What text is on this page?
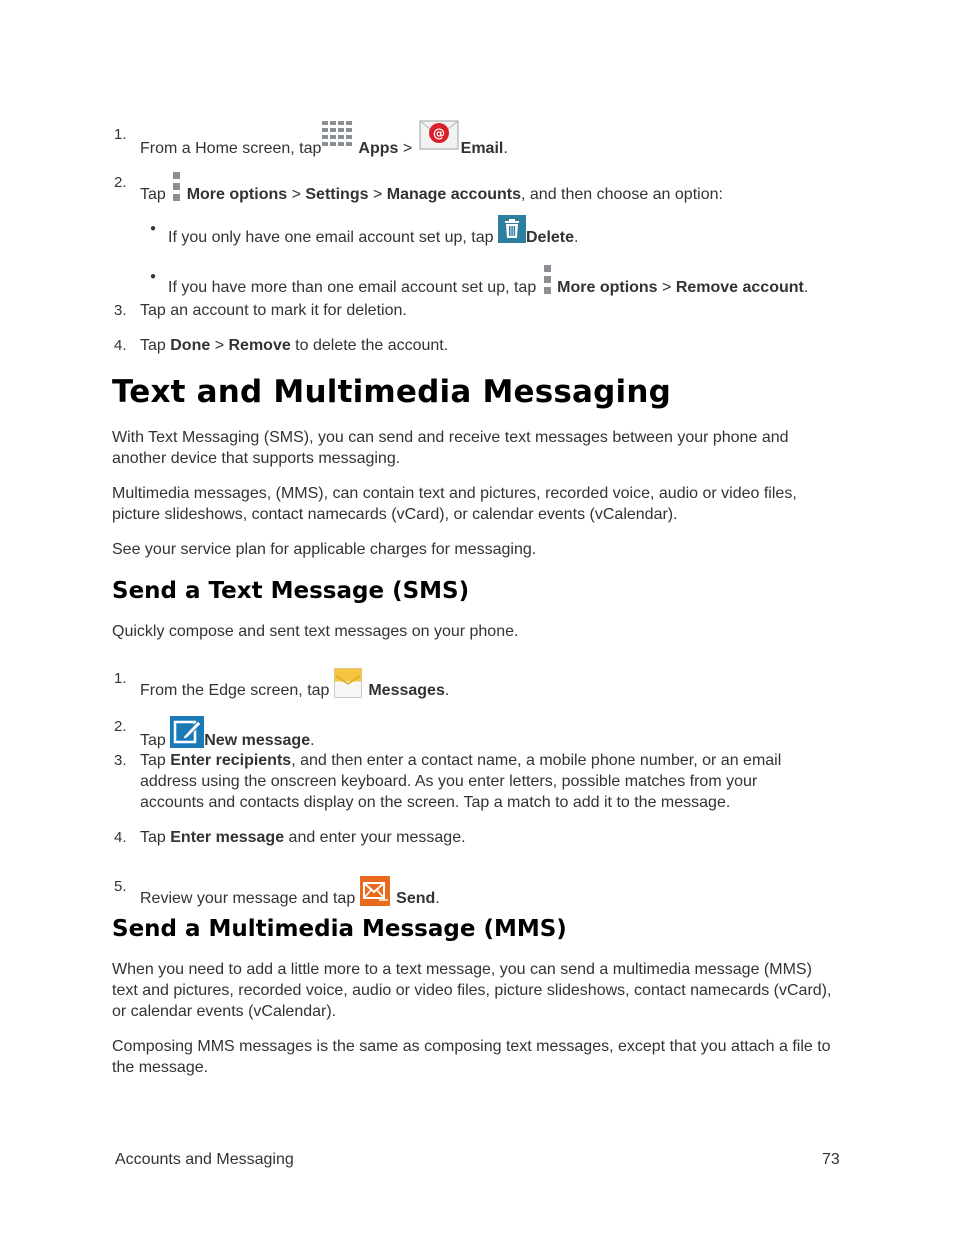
1.
From a Home screen, tap Apps >
@
Email.
2.
Tap More options > Settings > Manage accounts, and then choose an option:
●
If you only have one email account set up, tap Delete.
●
If you have more than one email account set up, tap More options > Remove account.
3. Tap an account to mark it for deletion.
4. Tap Done > Remove to delete the account.
Text and Multimedia Messaging
With Text Messaging (SMS), you can send and receive text messages between your phone and another device that supports messaging.
Multimedia messages, (MMS), can contain text and pictures, recorded voice, audio or video files, picture slideshows, contact namecards (vCard), or calendar events (vCalendar).
See your service plan for applicable charges for messaging.
Send a Text Message (SMS)
Quickly compose and sent text messages on your phone.
1.
From the Edge screen, tap Messages.
2.
Tap New message.
3. Tap Enter recipients, and then enter a contact name, a mobile phone number, or an email
address using the onscreen keyboard. As you enter letters, possible matches from your
accounts and contacts display on the screen. Tap a match to add it to the message.
4. Tap Enter message and enter your message.
5.
Review your message and tap	Send.
Send a Multimedia Message (MMS)
When you need to add a little more to a text message, you can send a multimedia message (MMS) text and pictures, recorded voice, audio or video files, picture slideshows, contact namecards (vCard), or calendar events (vCalendar).
Composing MMS messages is the same as composing text messages, except that you attach a file to the message.
Accounts and Messaging	73
